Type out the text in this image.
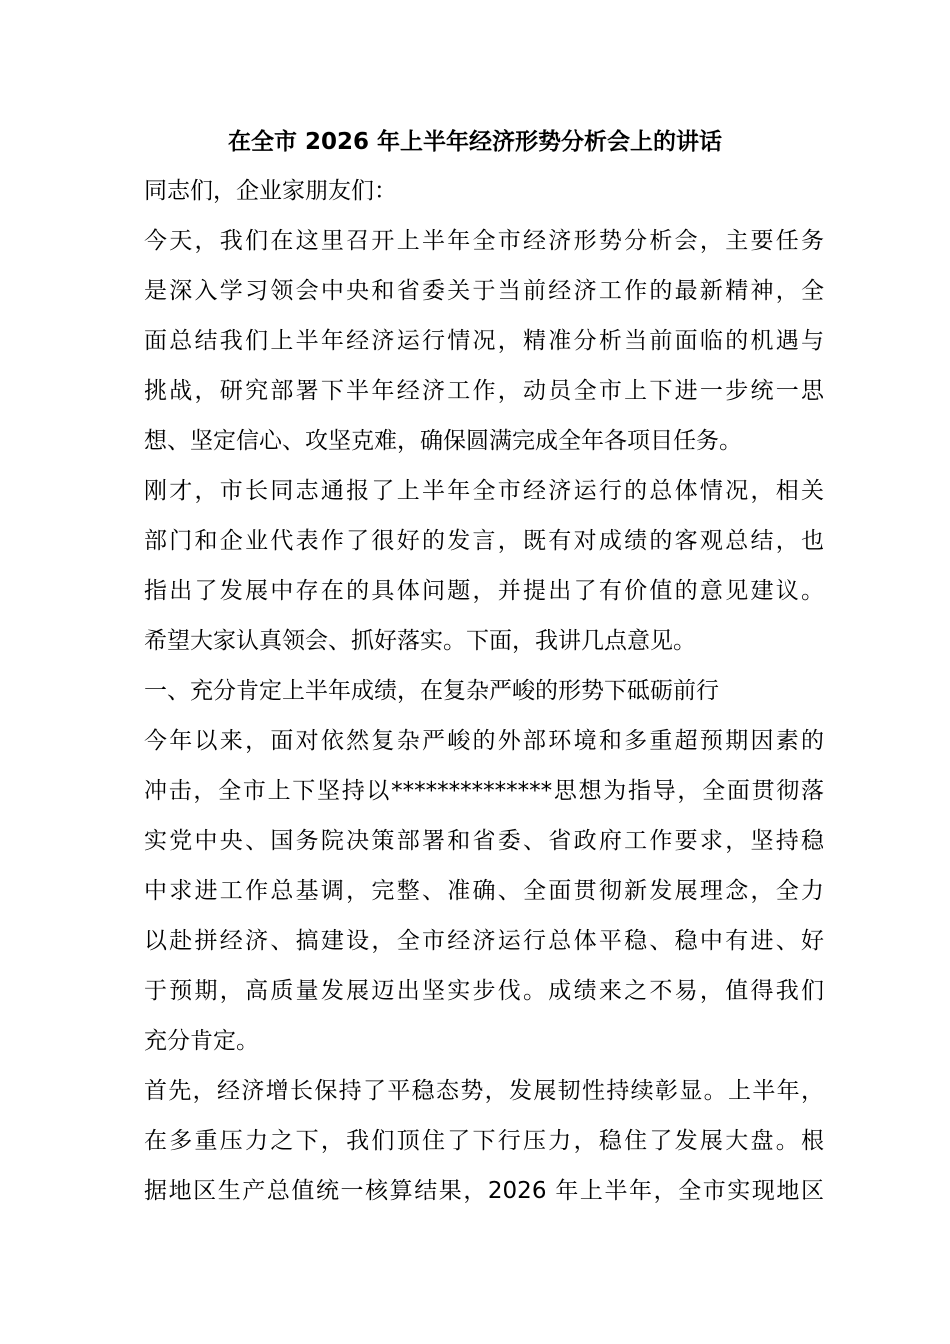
在全市 2026 年上半年经济形势分析会上的讲话
同志们，企业家朋友们：
今天，我们在这里召开上半年全市经济形势分析会，主要任务
是深入学习领会中央和省委关于当前经济工作的最新精神，全
面总结我们上半年经济运行情况，精准分析当前面临的机遇与
挑战，研究部署下半年经济工作，动员全市上下进一步统一思
想、坚定信心、攻坚克难，确保圆满完成全年各项目任务。
刚才，市长同志通报了上半年全市经济运行的总体情况，相关
部门和企业代表作了很好的发言，既有对成绩的客观总结，也
指出了发展中存在的具体问题，并提出了有价值的意见建议。
希望大家认真领会、抓好落实。下面，我讲几点意见。
一、充分肯定上半年成绩，在复杂严峻的形势下砥砺前行
今年以来，面对依然复杂严峻的外部环境和多重超预期因素的
冲击，全市上下坚持以**************思想为指导，全面贯彻落
实党中央、国务院决策部署和省委、省政府工作要求，坚持稳
中求进工作总基调，完整、准确、全面贯彻新发展理念，全力
以赴拼经济、搞建设，全市经济运行总体平稳、稳中有进、好
于预期，高质量发展迈出坚实步伐。成绩来之不易，值得我们
充分肯定。
首先，经济增长保持了平稳态势，发展韧性持续彰显。上半年，
在多重压力之下，我们顶住了下行压力，稳住了发展大盘。根
据地区生产总值统一核算结果，2026 年上半年，全市实现地区
